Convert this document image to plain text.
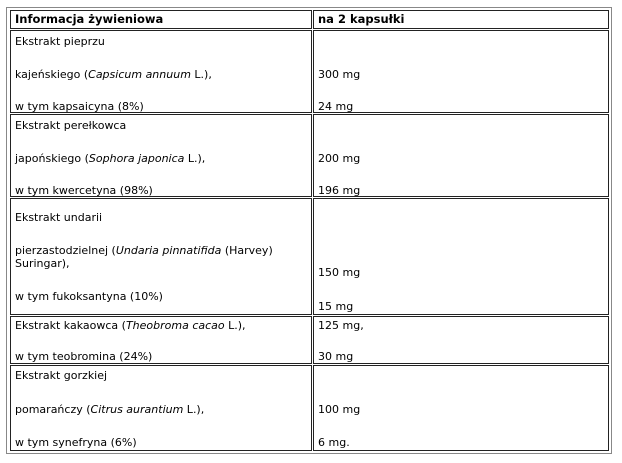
Informacja żywieniowa	na 2 kapsułki
Ekstrakt pieprzu
kajeńskiego (Capsicum annuum L.),
w tym kapsaicyna (8%)
300 mg
24 mg
Ekstrakt perełkowca
japońskiego (Sophora japonica L.),
w tym kwercetyna (98%)
200 mg
196 mg
Ekstrakt undarii
pierzastodzielnej (Undaria pinnatifida (Harvey) Suringar),
w tym fukoksantyna (10%)
150 mg
15 mg
Ekstrakt kakaowca (Theobroma cacao L.),
w tym teobromina (24%)
125 mg,
30 mg
Ekstrakt gorzkiej
pomarańczy (Citrus aurantium L.),
w tym synefryna (6%)
100 mg
6 mg.
